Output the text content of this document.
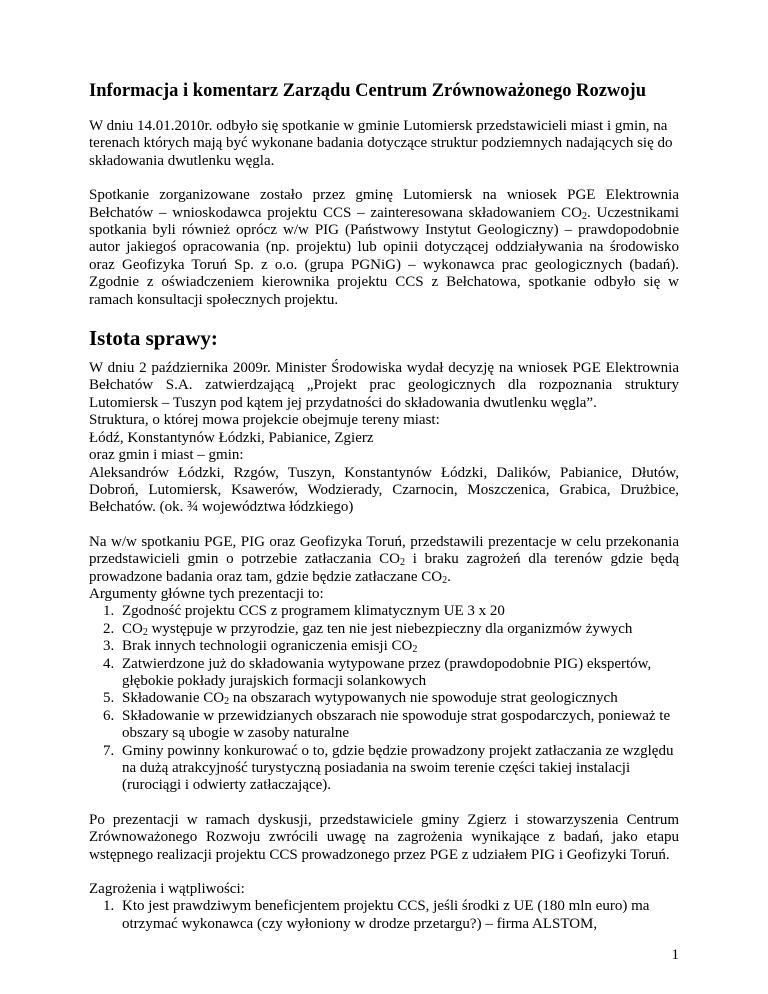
Informacja i komentarz Zarządu Centrum Zrównoważonego Rozwoju

W dniu 14.01.2010r. odbyło się spotkanie w gminie Lutomiersk przedstawicieli miast i gmin, na terenach których mają być wykonane badania dotyczące struktur podziemnych nadających się do składowania dwutlenku węgla.

Spotkanie zorganizowane zostało przez gminę Lutomiersk na wniosek PGE Elektrownia Bełchatów – wnioskodawca projektu CCS – zainteresowana składowaniem $CO_2$. Uczestnikami spotkania byli również oprócz w/w PIG (Państwowy Instytut Geologiczny) – prawdopodobnie autor jakiegoś opracowania (np. projektu) lub opinii dotyczącej oddziaływania na środowisko oraz Geofizyka Toruń Sp. z o.o. (grupa PGNiG) – wykonawca prac geologicznych (badań). Zgodnie z oświadczeniem kierownika projektu CCS z Bełchatowa, spotkanie odbyło się w ramach konsultacji społecznych projektu.

Istota sprawy:

W dniu 2 października 2009r. Minister Środowiska wydał decyzję na wniosek PGE Elektrownia Bełchatów S.A. zatwierdzającą „Projekt prac geologicznych dla rozpoznania struktury Lutomiersk – Tuszyn pod kątem jej przydatności do składowania dwutlenku węgla”.
Struktura, o której mowa projekcie obejmuje tereny miast:
Łódź, Konstantynów Łódzki, Pabianice, Zgierz
oraz gmin i miast – gmin:
Aleksandrów Łódzki, Rzgów, Tuszyn, Konstantynów Łódzki, Dalików, Pabianice, Dłutów, Dobroń, Lutomiersk, Ksawerów, Wodzierady, Czarnocin, Moszczenica, Grabica, Drużbice, Bełchatów. (ok. ¾ województwa łódzkiego)

Na w/w spotkaniu PGE, PIG oraz Geofizyka Toruń, przedstawili prezentacje w celu przekonania przedstawicieli gmin o potrzebie zatłaczania $CO_2$ i braku zagrożeń dla terenów gdzie będą prowadzone badania oraz tam, gdzie będzie zatłaczane $CO_2$.
Argumenty główne tych prezentacji to:
1. Zgodność projektu CCS z programem klimatycznym UE 3 x 20
2. $CO_2$ występuje w przyrodzie, gaz ten nie jest niebezpieczny dla organizmów żywych
3. Brak innych technologii ograniczenia emisji $CO_2$
4. Zatwierdzone już do składowania wytypowane przez (prawdopodobnie PIG) ekspertów, głębokie pokłady jurajskich formacji solankowych
5. Składowanie $CO_2$ na obszarach wytypowanych nie spowoduje strat geologicznych
6. Składowanie w przewidzianych obszarach nie spowoduje strat gospodarczych, ponieważ te obszary są ubogie w zasoby naturalne
7. Gminy powinny konkurować o to, gdzie będzie prowadzony projekt zatłaczania ze względu na dużą atrakcyjność turystyczną posiadania na swoim terenie części takiej instalacji (rurociągi i odwierty zatłaczające).

Po prezentacji w ramach dyskusji, przedstawiciele gminy Zgierz i stowarzyszenia Centrum Zrównoważonego Rozwoju zwrócili uwagę na zagrożenia wynikające z badań, jako etapu wstępnego realizacji projektu CCS prowadzonego przez PGE z udziałem PIG i Geofizyki Toruń.

Zagrożenia i wątpliwości:
1. Kto jest prawdziwym beneficjentem projektu CCS, jeśli środki z UE (180 mln euro) ma otrzymać wykonawca (czy wyłoniony w drodze przetargu?) – firma ALSTOM,
1
